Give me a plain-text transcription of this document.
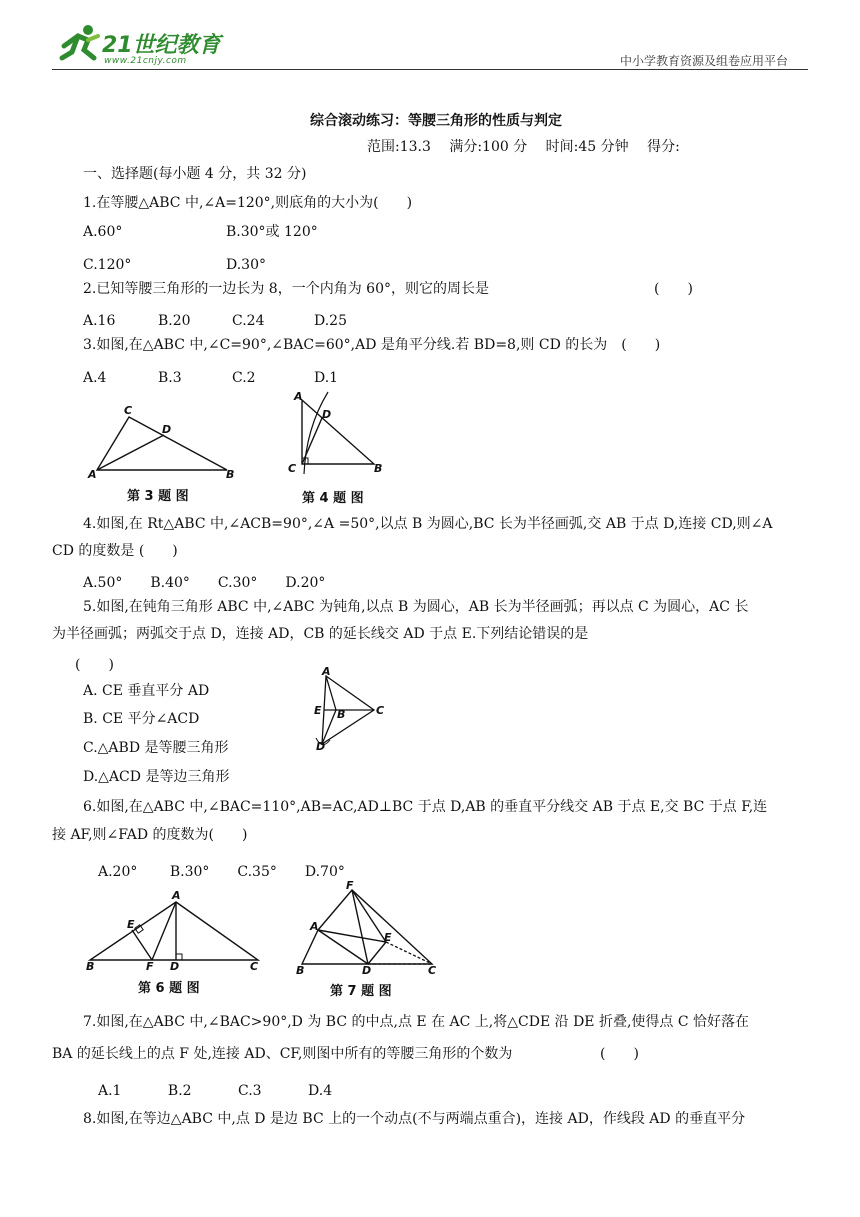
21世纪教育
www.21cnjy.com	中小学教育资源及组卷应用平台
综合滚动练习：等腰三角形的性质与判定
范围:13.3　 满分:100 分　 时间:45 分钟　 得分:
一、选择题(每小题 4 分，共 32 分)
1.在等腰△ABC 中,∠A=120°,则底角的大小为(　　)
A.60°	B.30°或 120°
C.120°	D.30°
2.已知等腰三角形的一边长为 8，一个内角为 60°，则它的周长是	(　　)
A.16	B.20	C.24	D.25
3.如图,在△ABC 中,∠C=90°,∠BAC=60°,AD 是角平分线.若 BD=8,则 CD 的长为　(　　)
A.4	B.3	C.2	D.1
C
D
A	B
第 3 题 图
A
D
C	B
第 4 题 图
4.如图,在 Rt△ABC 中,∠ACB=90°,∠A =50°,以点 B 为圆心,BC 长为半径画弧,交 AB 于点 D,连接 CD,则∠A
CD 的度数是 (　　)
A.50°　　B.40°　　C.30°　　D.20°
5.如图,在钝角三角形 ABC 中,∠ABC 为钝角,以点 B 为圆心，AB 长为半径画弧；再以点 C 为圆心，AC 长
为半径画弧；两弧交于点 D，连接 AD，CB 的延长线交 AD 于点 E.下列结论错误的是
(　　)
A. CE 垂直平分 AD
B. CE 平分∠ACD
C.△ABD 是等腰三角形
D.△ACD 是等边三角形
A
E B	C
D
6.如图,在△ABC 中,∠BAC=110°,AB=AC,AD⊥BC 于点 D,AB 的垂直平分线交 AB 于点 E,交 BC 于点 F,连
接 AF,则∠FAD 的度数为(　　)
A.20°　　 B.30°　　C.35°　　D.70°
A
E
B	F D	C
第 6 题 图
F
A
E
B	D	C
第 7 题 图
7.如图,在△ABC 中,∠BAC>90°,D 为 BC 的中点,点 E 在 AC 上,将△CDE 沿 DE 折叠,使得点 C 恰好落在
BA 的延长线上的点 F 处,连接 AD、CF,则图中所有的等腰三角形的个数为	(　　)
A.1　　　 B.2　　　 C.3　　　 D.4
8.如图,在等边△ABC 中,点 D 是边 BC 上的一个动点(不与两端点重合)，连接 AD，作线段 AD 的垂直平分
